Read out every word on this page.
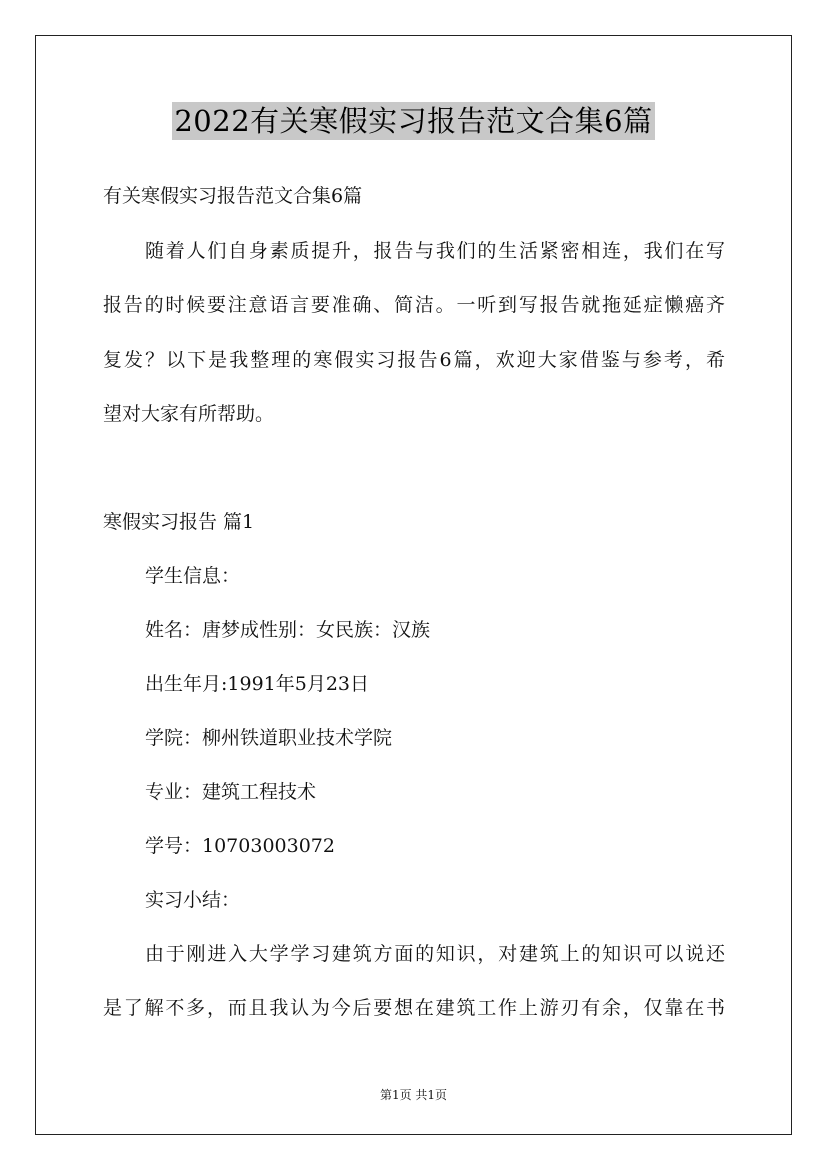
2022有关寒假实习报告范文合集6篇
有关寒假实习报告范文合集6篇
随着人们自身素质提升，报告与我们的生活紧密相连，我们在写
报告的时候要注意语言要准确、简洁。一听到写报告就拖延症懒癌齐
复发？以下是我整理的寒假实习报告6篇，欢迎大家借鉴与参考，希
望对大家有所帮助。
寒假实习报告 篇1
学生信息：
姓名：唐梦成性别：女民族：汉族
出生年月:1991年5月23日
学院：柳州铁道职业技术学院
专业：建筑工程技术
学号：10703003072
实习小结：
由于刚进入大学学习建筑方面的知识，对建筑上的知识可以说还
是了解不多，而且我认为今后要想在建筑工作上游刃有余，仅靠在书
第1页 共1页
